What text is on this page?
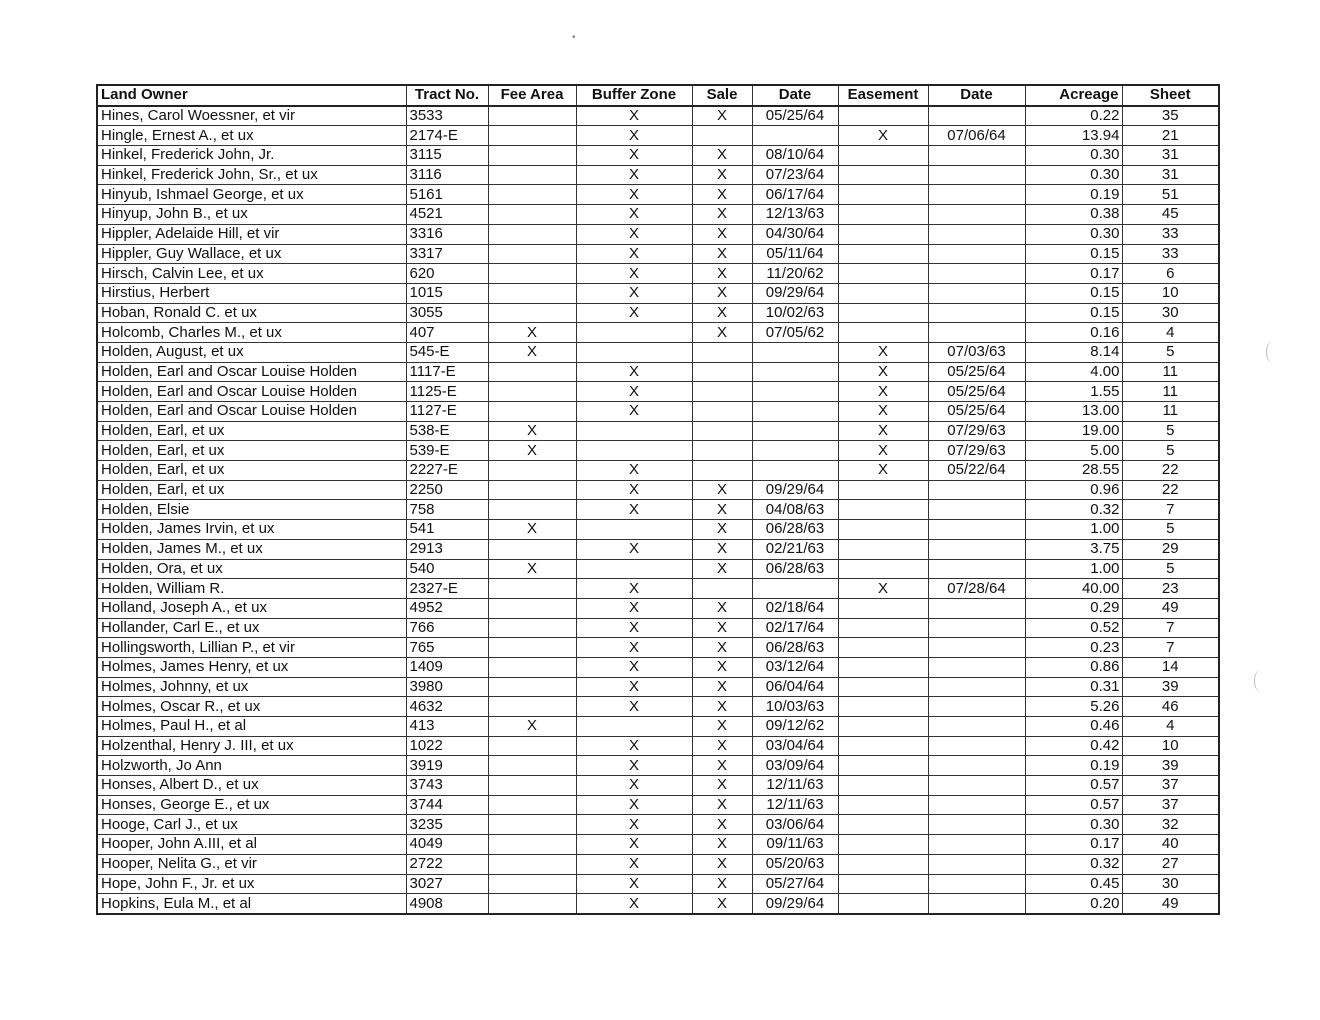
•
Land Owner	Tract No.	Fee Area	Buffer Zone	Sale	Date	Easement	Date	Acreage	Sheet
Hines, Carol Woessner, et vir	3533		X	X	05/25/64			0.22	35
Hingle, Ernest A., et ux	2174-E		X			X	07/06/64	13.94	21
Hinkel, Frederick John, Jr.	3115		X	X	08/10/64			0.30	31
Hinkel, Frederick John, Sr., et ux	3116		X	X	07/23/64			0.30	31
Hinyub, Ishmael George, et ux	5161		X	X	06/17/64			0.19	51
Hinyup, John B., et ux	4521		X	X	12/13/63			0.38	45
Hippler, Adelaide Hill, et vir	3316		X	X	04/30/64			0.30	33
Hippler, Guy Wallace, et ux	3317		X	X	05/11/64			0.15	33
Hirsch, Calvin Lee, et ux	620		X	X	11/20/62			0.17	6
Hirstius, Herbert	1015		X	X	09/29/64			0.15	10
Hoban, Ronald C. et ux	3055		X	X	10/02/63			0.15	30
Holcomb, Charles M., et ux	407	X		X	07/05/62			0.16	4
Holden, August, et ux	545-E	X				X	07/03/63	8.14	5
Holden, Earl and Oscar Louise Holden	1117-E		X			X	05/25/64	4.00	11
Holden, Earl and Oscar Louise Holden	1125-E		X			X	05/25/64	1.55	11
Holden, Earl and Oscar Louise Holden	1127-E		X			X	05/25/64	13.00	11
Holden, Earl, et ux	538-E	X				X	07/29/63	19.00	5
Holden, Earl, et ux	539-E	X				X	07/29/63	5.00	5
Holden, Earl, et ux	2227-E		X			X	05/22/64	28.55	22
Holden, Earl, et ux	2250		X	X	09/29/64			0.96	22
Holden, Elsie	758		X	X	04/08/63			0.32	7
Holden, James Irvin, et ux	541	X		X	06/28/63			1.00	5
Holden, James M., et ux	2913		X	X	02/21/63			3.75	29
Holden, Ora, et ux	540	X		X	06/28/63			1.00	5
Holden, William R.	2327-E		X			X	07/28/64	40.00	23
Holland, Joseph A., et ux	4952		X	X	02/18/64			0.29	49
Hollander, Carl E., et ux	766		X	X	02/17/64			0.52	7
Hollingsworth, Lillian P., et vir	765		X	X	06/28/63			0.23	7
Holmes, James Henry, et ux	1409		X	X	03/12/64			0.86	14
Holmes, Johnny, et ux	3980		X	X	06/04/64			0.31	39
Holmes, Oscar R., et ux	4632		X	X	10/03/63			5.26	46
Holmes, Paul H., et al	413	X		X	09/12/62			0.46	4
Holzenthal, Henry J. III, et ux	1022		X	X	03/04/64			0.42	10
Holzworth, Jo Ann	3919		X	X	03/09/64			0.19	39
Honses, Albert D., et ux	3743		X	X	12/11/63			0.57	37
Honses, George E., et ux	3744		X	X	12/11/63			0.57	37
Hooge, Carl J., et ux	3235		X	X	03/06/64			0.30	32
Hooper, John A.III, et al	4049		X	X	09/11/63			0.17	40
Hooper, Nelita G., et vir	2722		X	X	05/20/63			0.32	27
Hope, John F., Jr. et ux	3027		X	X	05/27/64			0.45	30
Hopkins, Eula M., et al	4908		X	X	09/29/64			0.20	49
